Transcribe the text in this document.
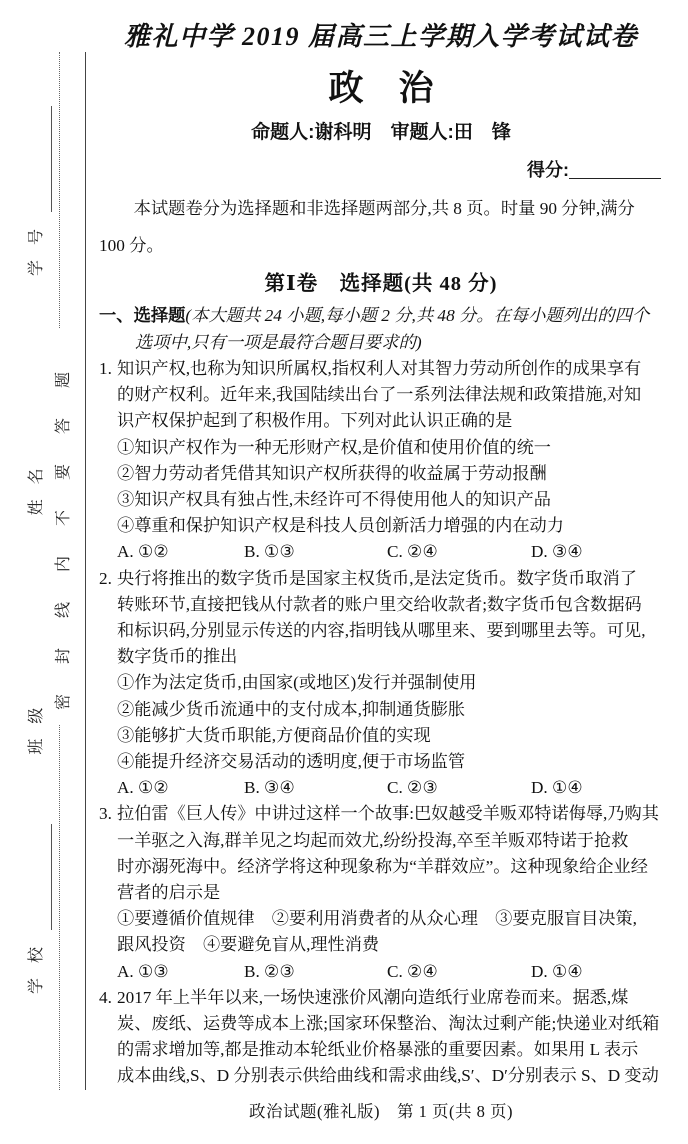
学校
班级
姓名
学号
密封线内不要答题
雅礼中学 2019 届高三上学期入学考试试卷
政　治
命题人:谢科明　审题人:田　锋
得分:
本试题卷分为选择题和非选择题两部分,共 8 页。时量 90 分钟,满分
100 分。
第Ⅰ卷　选择题(共 48 分)
一、选择题(本大题共 24 小题,每小题 2 分,共 48 分。在每小题列出的四个
选项中,只有一项是最符合题目要求的)
1. 知识产权,也称为知识所属权,指权利人对其智力劳动所创作的成果享有
的财产权利。近年来,我国陆续出台了一系列法律法规和政策措施,对知
识产权保护起到了积极作用。下列对此认识正确的是
①知识产权作为一种无形财产权,是价值和使用价值的统一
②智力劳动者凭借其知识产权所获得的收益属于劳动报酬
③知识产权具有独占性,未经许可不得使用他人的知识产品
④尊重和保护知识产权是科技人员创新活力增强的内在动力
A. ①②	B. ①③	C. ②④	D. ③④
2. 央行将推出的数字货币是国家主权货币,是法定货币。数字货币取消了
转账环节,直接把钱从付款者的账户里交给收款者;数字货币包含数据码
和标识码,分别显示传送的内容,指明钱从哪里来、要到哪里去等。可见,
数字货币的推出
①作为法定货币,由国家(或地区)发行并强制使用
②能减少货币流通中的支付成本,抑制通货膨胀
③能够扩大货币职能,方便商品价值的实现
④能提升经济交易活动的透明度,便于市场监管
A. ①②	B. ③④	C. ②③	D. ①④
3. 拉伯雷《巨人传》中讲过这样一个故事:巴奴越受羊贩邓特诺侮辱,乃购其
一羊驱之入海,群羊见之均起而效尤,纷纷投海,卒至羊贩邓特诺于抢救
时亦溺死海中。经济学将这种现象称为“羊群效应”。这种现象给企业经
营者的启示是
①要遵循价值规律　②要利用消费者的从众心理　③要克服盲目决策,
跟风投资　④要避免盲从,理性消费
A. ①③	B. ②③	C. ②④	D. ①④
4. 2017 年上半年以来,一场快速涨价风潮向造纸行业席卷而来。据悉,煤
炭、废纸、运费等成本上涨;国家环保整治、淘汰过剩产能;快递业对纸箱
的需求增加等,都是推动本轮纸业价格暴涨的重要因素。如果用 L 表示
成本曲线,S、D 分别表示供给曲线和需求曲线,S′、D′分别表示 S、D 变动
政治试题(雅礼版)　第 1 页(共 8 页)
